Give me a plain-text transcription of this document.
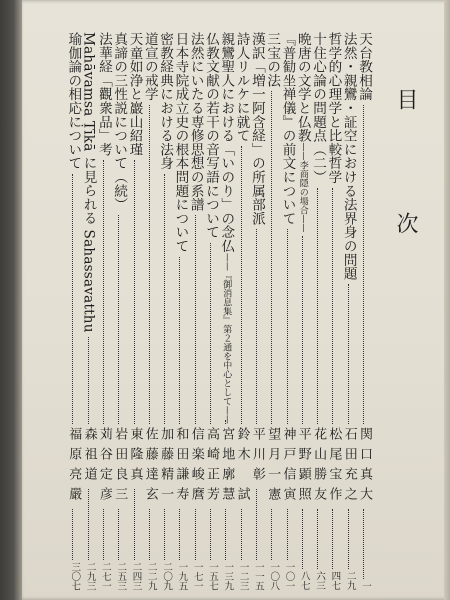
目　次
天台教相論
関口真大
一
法然・親鸞・証空における法界身の問題
石田充之
二九
哲学的心理学と比較哲学
松尾宝作
四七
十住心論の問題点（二）
花山勝友
六三
晩唐の文学と仏教——李商隠の場合——
平野顕照
八七
『普勧坐禅儀』の前文について
神戸信寅
一〇一
三宝の法
望月一憲
一〇八
漢訳「増一阿含経」の所属部派
平川彰
一一五
詩人リルケに就て
鈴木　試
一二三
親鸞聖人における「いのり」の念仏——『御消息集』第２通を中心として——
宮地廓慧
一三九
仏教文献の若干の音写語について
高崎正芳
一五七
法然にいたる専修思想の系譜
信楽峻麿
一七一
日本寺院成立史の根本問題について
和田謙寿
一九五
密教経典における法身
加藤精一
二〇九
道宣の戒学
佐藤達玄
二二九
天童如浄と巖山紹瑾
東隆真
二四三
真諦の三性説について（続）
岩田良三
二五三
法華経「觀衆品」考
苅谷定彦
二七一
Mahāvamsa Ṭīkā に見られる Sahassavatthu
森祖道
二九三
瑜伽論の相応について
福原亮嚴
三〇七
